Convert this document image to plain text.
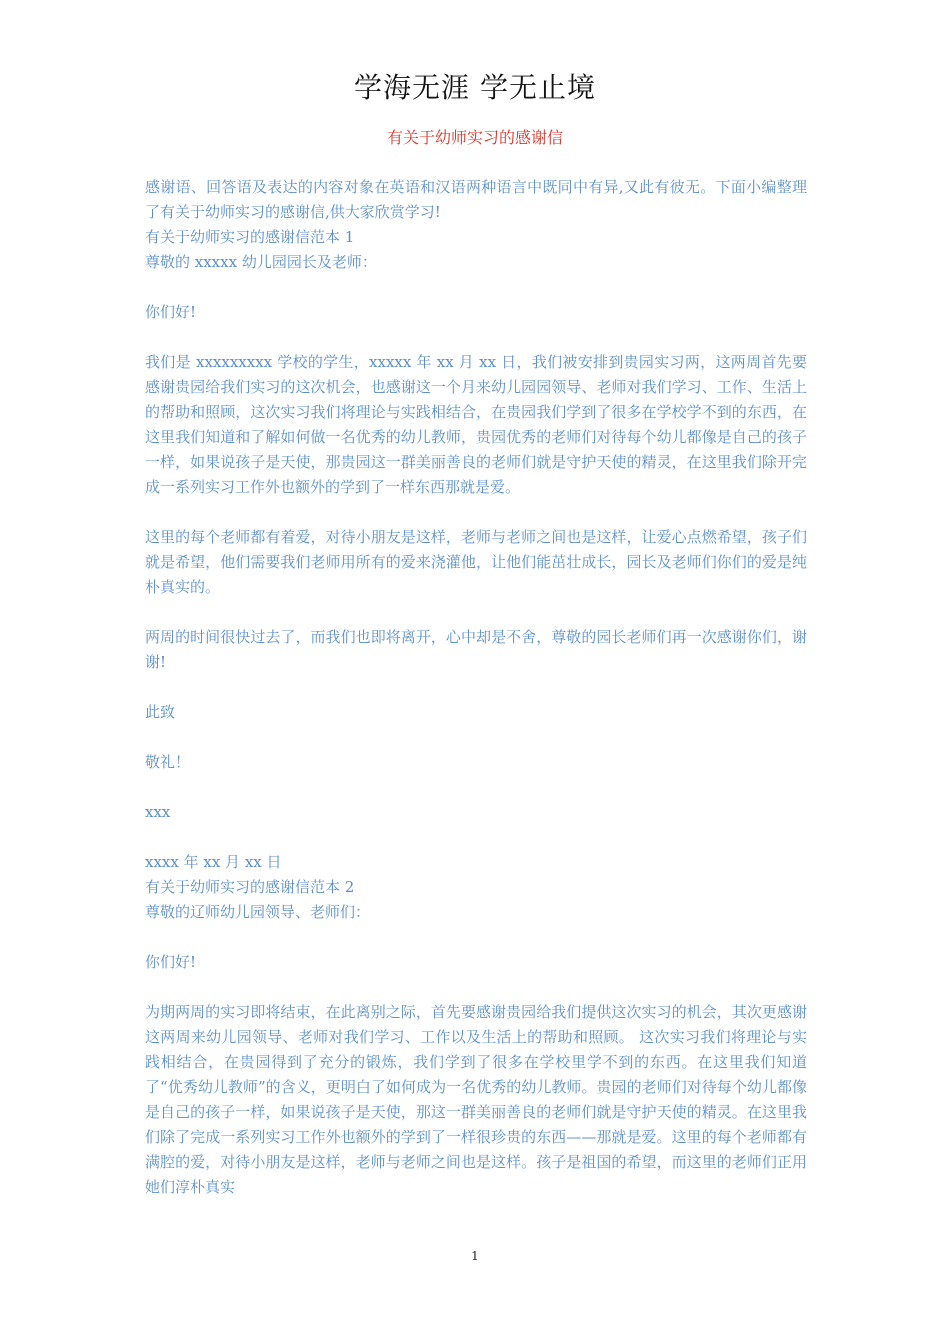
学海无涯 学无止境
有关于幼师实习的感谢信

感谢语、回答语及表达的内容对象在英语和汉语两种语言中既同中有异,又此有彼无。下面小编整理了有关于幼师实习的感谢信,供大家欣赏学习!

有关于幼师实习的感谢信范本 1

尊敬的 xxxxx 幼儿园园长及老师：

你们好!

我们是 xxxxxxxxx 学校的学生，xxxxx 年 xx 月 xx 日，我们被安排到贵园实习两，这两周首先要感谢贵园给我们实习的这次机会，也感谢这一个月来幼儿园园领导、老师对我们学习、工作、生活上的帮助和照顾，这次实习我们将理论与实践相结合，在贵园我们学到了很多在学校学不到的东西，在这里我们知道和了解如何做一名优秀的幼儿教师，贵园优秀的老师们对待每个幼儿都像是自己的孩子一样，如果说孩子是天使，那贵园这一群美丽善良的老师们就是守护天使的精灵，在这里我们除开完成一系列实习工作外也额外的学到了一样东西那就是爱。

这里的每个老师都有着爱，对待小朋友是这样，老师与老师之间也是这样，让爱心点燃希望，孩子们就是希望，他们需要我们老师用所有的爱来浇灌他，让他们能茁壮成长，园长及老师们你们的爱是纯朴真实的。

两周的时间很快过去了，而我们也即将离开，心中却是不舍，尊敬的园长老师们再一次感谢你们，谢谢!

此致

敬礼！

xxx

xxxx 年 xx 月 xx 日

有关于幼师实习的感谢信范本 2

尊敬的辽师幼儿园领导、老师们：

你们好!

为期两周的实习即将结束，在此离别之际，首先要感谢贵园给我们提供这次实习的机会，其次更感谢这两周来幼儿园领导、老师对我们学习、工作以及生活上的帮助和照顾。 这次实习我们将理论与实践相结合，在贵园得到了充分的锻炼，我们学到了很多在学校里学不到的东西。在这里我们知道了“优秀幼儿教师”的含义，更明白了如何成为一名优秀的幼儿教师。贵园的老师们对待每个幼儿都像是自己的孩子一样，如果说孩子是天使，那这一群美丽善良的老师们就是守护天使的精灵。在这里我们除了完成一系列实习工作外也额外的学到了一样很珍贵的东西——那就是爱。这里的每个老师都有满腔的爱，对待小朋友是这样，老师与老师之间也是这样。孩子是祖国的希望，而这里的老师们正用她们淳朴真实

1
